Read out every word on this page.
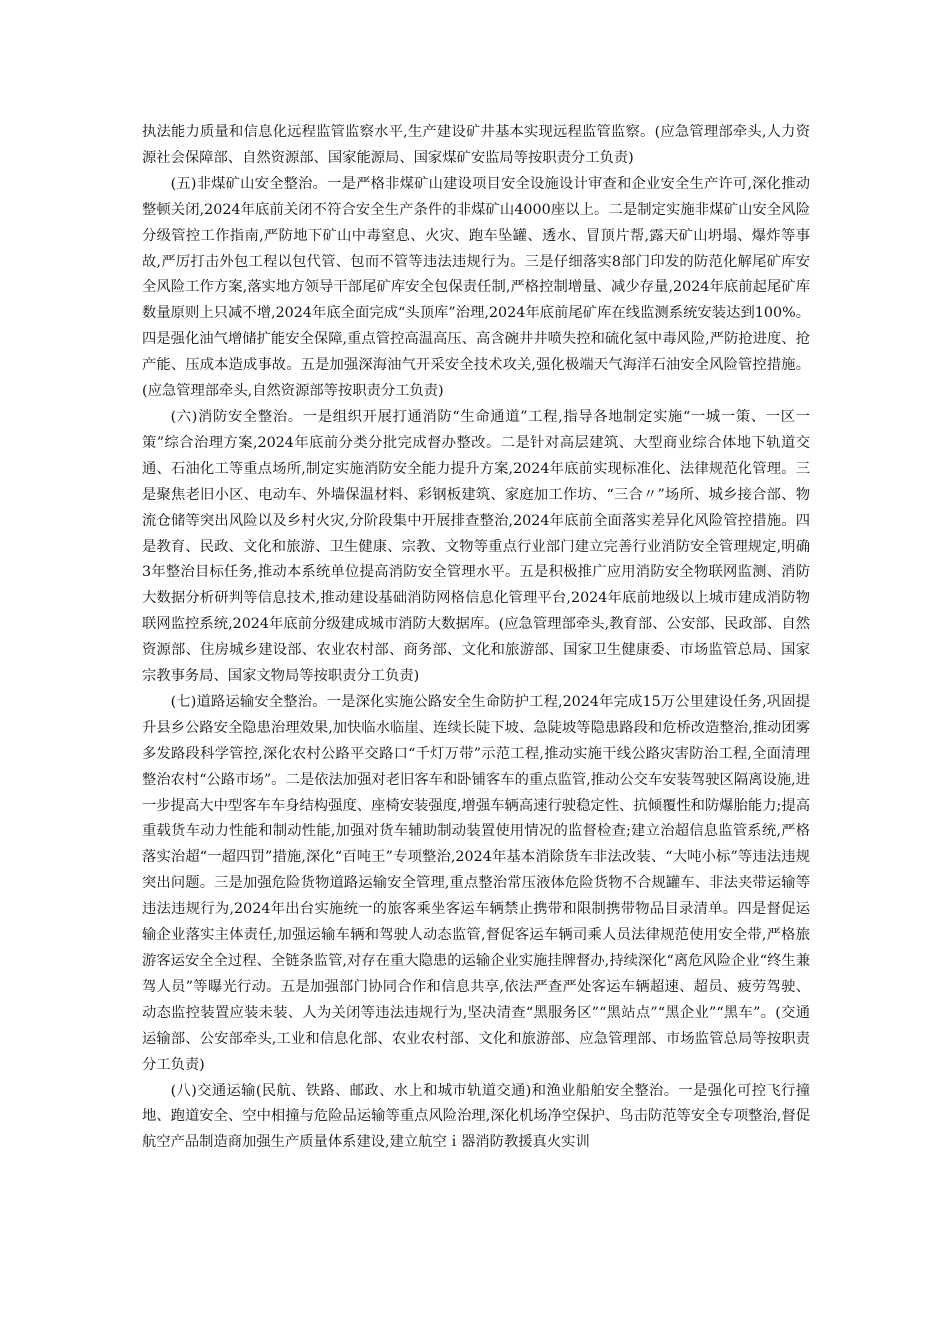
执法能力质量和信息化远程监管监察水平,生产建设矿井基本实现远程监管监察。(应急管理部牵头,人力资源社会保障部、自然资源部、国家能源局、国家煤矿安监局等按职责分工负责)

(五)非煤矿山安全整治。一是严格非煤矿山建设项目安全设施设计审查和企业安全生产许可,深化推动整顿关闭,2024年底前关闭不符合安全生产条件的非煤矿山4000座以上。二是制定实施非煤矿山安全风险分级管控工作指南,严防地下矿山中毒窒息、火灾、跑车坠罐、透水、冒顶片帮,露天矿山坍塌、爆炸等事故,严厉打击外包工程以包代管、包而不管等违法违规行为。三是仔细落实8部门印发的防范化解尾矿库安全风险工作方案,落实地方领导干部尾矿库安全包保责任制,严格控制增量、减少存量,2024年底前起尾矿库数量原则上只减不增,2024年底全面完成“头顶库”治理,2024年底前尾矿库在线监测系统安装达到100%。四是强化油气增储扩能安全保障,重点管控高温高压、高含碗井井喷失控和硫化氢中毒风险,严防抢进度、抢产能、压成本造成事故。五是加强深海油气开采安全技术攻关,强化极端天气海洋石油安全风险管控措施。(应急管理部牵头,自然资源部等按职责分工负责)

(六)消防安全整治。一是组织开展打通消防“生命通道”工程,指导各地制定实施“一城一策、一区一策”综合治理方案,2024年底前分类分批完成督办整改。二是针对高层建筑、大型商业综合体地下轨道交通、石油化工等重点场所,制定实施消防安全能力提升方案,2024年底前实现标准化、法律规范化管理。三是聚焦老旧小区、电动车、外墙保温材料、彩钢板建筑、家庭加工作坊、“三合〃”场所、城乡接合部、物流仓储等突出风险以及乡村火灾,分阶段集中开展排查整治,2024年底前全面落实差异化风险管控措施。四是教育、民政、文化和旅游、卫生健康、宗教、文物等重点行业部门建立完善行业消防安全管理规定,明确3年整治目标任务,推动本系统单位提高消防安全管理水平。五是积极推广应用消防安全物联网监测、消防大数据分析研判等信息技术,推动建设基础消防网格信息化管理平台,2024年底前地级以上城市建成消防物联网监控系统,2024年底前分级建成城市消防大数据库。(应急管理部牵头,教育部、公安部、民政部、自然资源部、住房城乡建设部、农业农村部、商务部、文化和旅游部、国家卫生健康委、市场监管总局、国家宗教事务局、国家文物局等按职责分工负责)

(七)道路运输安全整治。一是深化实施公路安全生命防护工程,2024年完成15万公里建设任务,巩固提升县乡公路安全隐患治理效果,加快临水临崖、连续长陡下坡、急陡坡等隐患路段和危桥改造整治,推动团雾多发路段科学管控,深化农村公路平交路口“千灯万带”示范工程,推动实施干线公路灾害防治工程,全面清理整治农村“公路市场”。二是依法加强对老旧客车和卧铺客车的重点监管,推动公交车安装驾驶区隔离设施,进一步提高大中型客车车身结构强度、座椅安装强度,增强车辆高速行驶稳定性、抗倾覆性和防爆胎能力;提高重载货车动力性能和制动性能,加强对货车辅助制动装置使用情况的监督检查;建立治超信息监管系统,严格落实治超“一超四罚”措施,深化“百吨王”专项整治,2024年基本消除货车非法改装、“大吨小标”等违法违规突出问题。三是加强危险货物道路运输安全管理,重点整治常压液体危险货物不合规罐车、非法夹带运输等违法违规行为,2024年出台实施统一的旅客乘坐客运车辆禁止携带和限制携带物品目录清单。四是督促运输企业落实主体责任,加强运输车辆和驾驶人动态监管,督促客运车辆司乘人员法律规范使用安全带,严格旅游客运安全全过程、全链条监管,对存在重大隐患的运输企业实施挂牌督办,持续深化“离危风险企业“终生兼驾人员”等曝光行动。五是加强部门协同合作和信息共享,依法严查严处客运车辆超速、超员、疲劳驾驶、动态监控装置应装未装、人为关闭等违法违规行为,坚决清查“黑服务区”“黑站点”“黑企业”“黑车”。(交通运输部、公安部牵头,工业和信息化部、农业农村部、文化和旅游部、应急管理部、市场监管总局等按职责分工负责)

(八)交通运输(民航、铁路、邮政、水上和城市轨道交通)和渔业船舶安全整治。一是强化可控飞行撞地、跑道安全、空中相撞与危险品运输等重点风险治理,深化机场净空保护、鸟击防范等安全专项整治,督促航空产品制造商加强生产质量体系建设,建立航空ｉ器消防教援真火实训
